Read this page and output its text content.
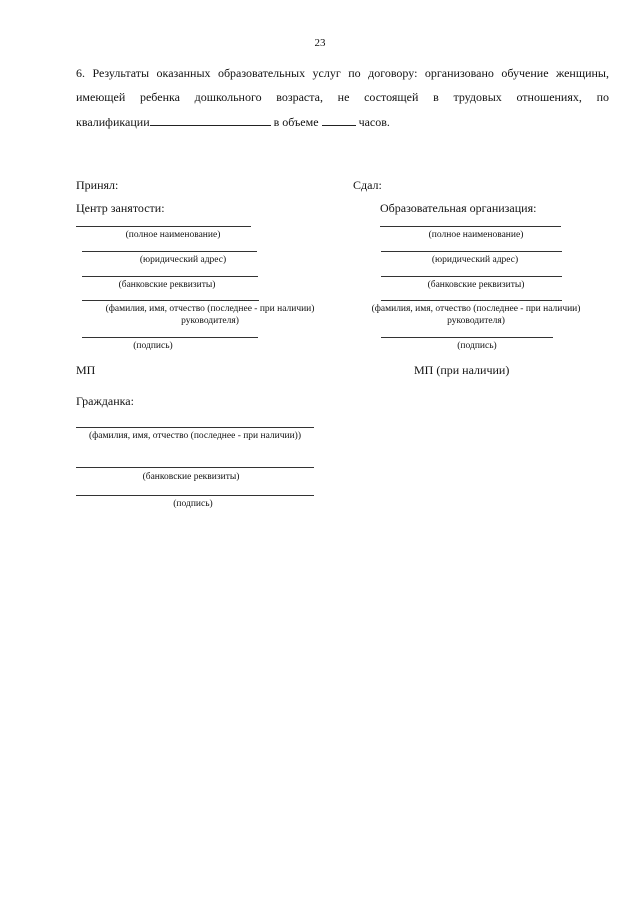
23
6. Результаты оказанных образовательных услуг по договору: организовано обучение женщины,
имеющей ребенка дошкольного возраста, не состоящей в трудовых отношениях, по
квалификации	в объеме	часов.
Принял:
Центр занятости:
(полное наименование)
(юридический адрес)
(банковские реквизиты)
(фамилия, имя, отчество (последнее - при наличии) руководителя)
(подпись)
МП
Сдал:
Образовательная организация:
(полное наименование)
(юридический адрес)
(банковские реквизиты)
(фамилия, имя, отчество (последнее - при наличии) руководителя)
(подпись)
МП (при наличии)
Гражданка:
(фамилия, имя, отчество (последнее - при наличии))
(банковские реквизиты)
(подпись)
